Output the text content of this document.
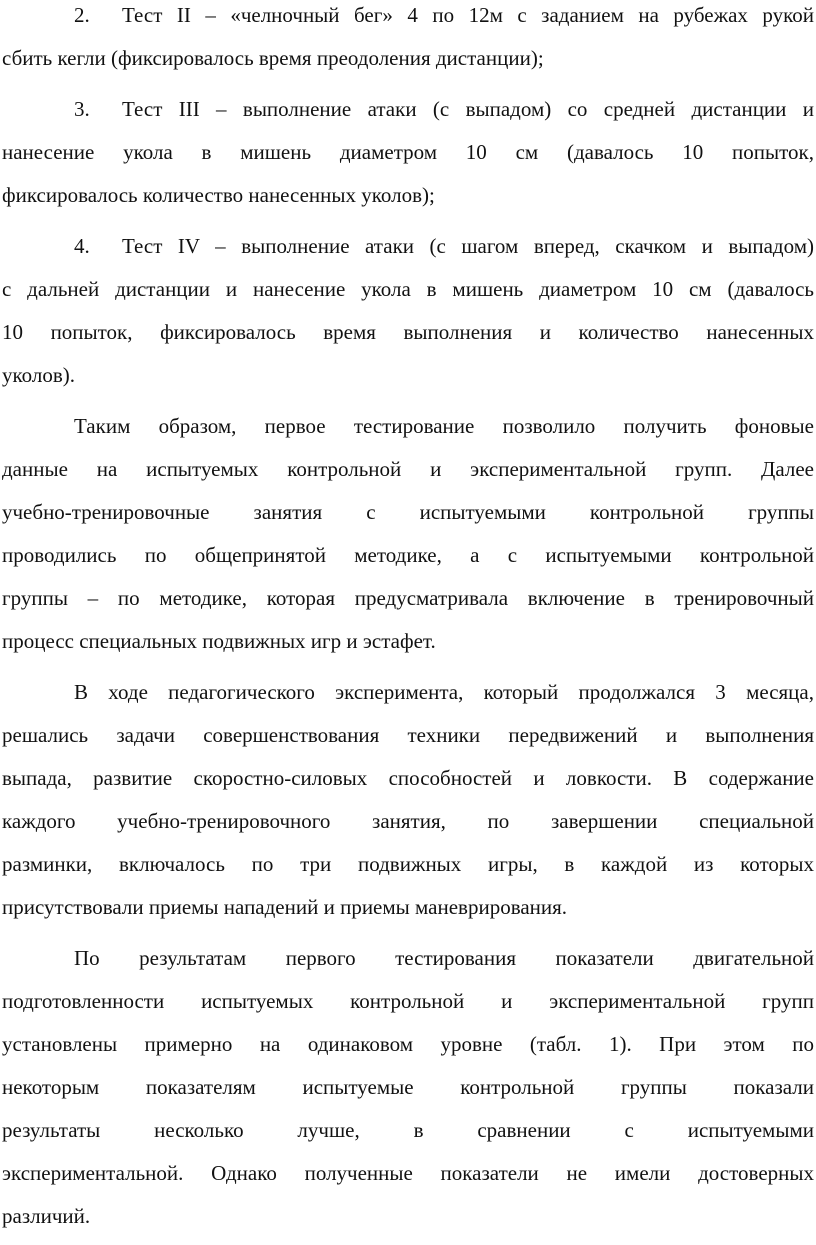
2. Тест II – «челночный бег» 4 по 12м с заданием на рубежах рукой
сбить кегли (фиксировалось время преодоления дистанции);
3. Тест III – выполнение атаки (с выпадом) со средней дистанции и
нанесение укола в мишень диаметром 10 см (давалось 10 попыток,
фиксировалось количество нанесенных уколов);
4. Тест IV – выполнение атаки (с шагом вперед, скачком и выпадом)
с дальней дистанции и нанесение укола в мишень диаметром 10 см (давалось
10 попыток, фиксировалось время выполнения и количество нанесенных
уколов).
Таким образом, первое тестирование позволило получить фоновые
данные на испытуемых контрольной и экспериментальной групп. Далее
учебно-тренировочные занятия с испытуемыми контрольной группы
проводились по общепринятой методике, а с испытуемыми контрольной
группы – по методике, которая предусматривала включение в тренировочный
процесс специальных подвижных игр и эстафет.
В ходе педагогического эксперимента, который продолжался 3 месяца,
решались задачи совершенствования техники передвижений и выполнения
выпада, развитие скоростно-силовых способностей и ловкости. В содержание
каждого учебно-тренировочного занятия, по завершении специальной
разминки, включалось по три подвижных игры, в каждой из которых
присутствовали приемы нападений и приемы маневрирования.
По результатам первого тестирования показатели двигательной
подготовленности испытуемых контрольной и экспериментальной групп
установлены примерно на одинаковом уровне (табл. 1). При этом по
некоторым показателям испытуемые контрольной группы показали
результаты несколько лучше, в сравнении с испытуемыми
экспериментальной. Однако полученные показатели не имели достоверных
различий.
